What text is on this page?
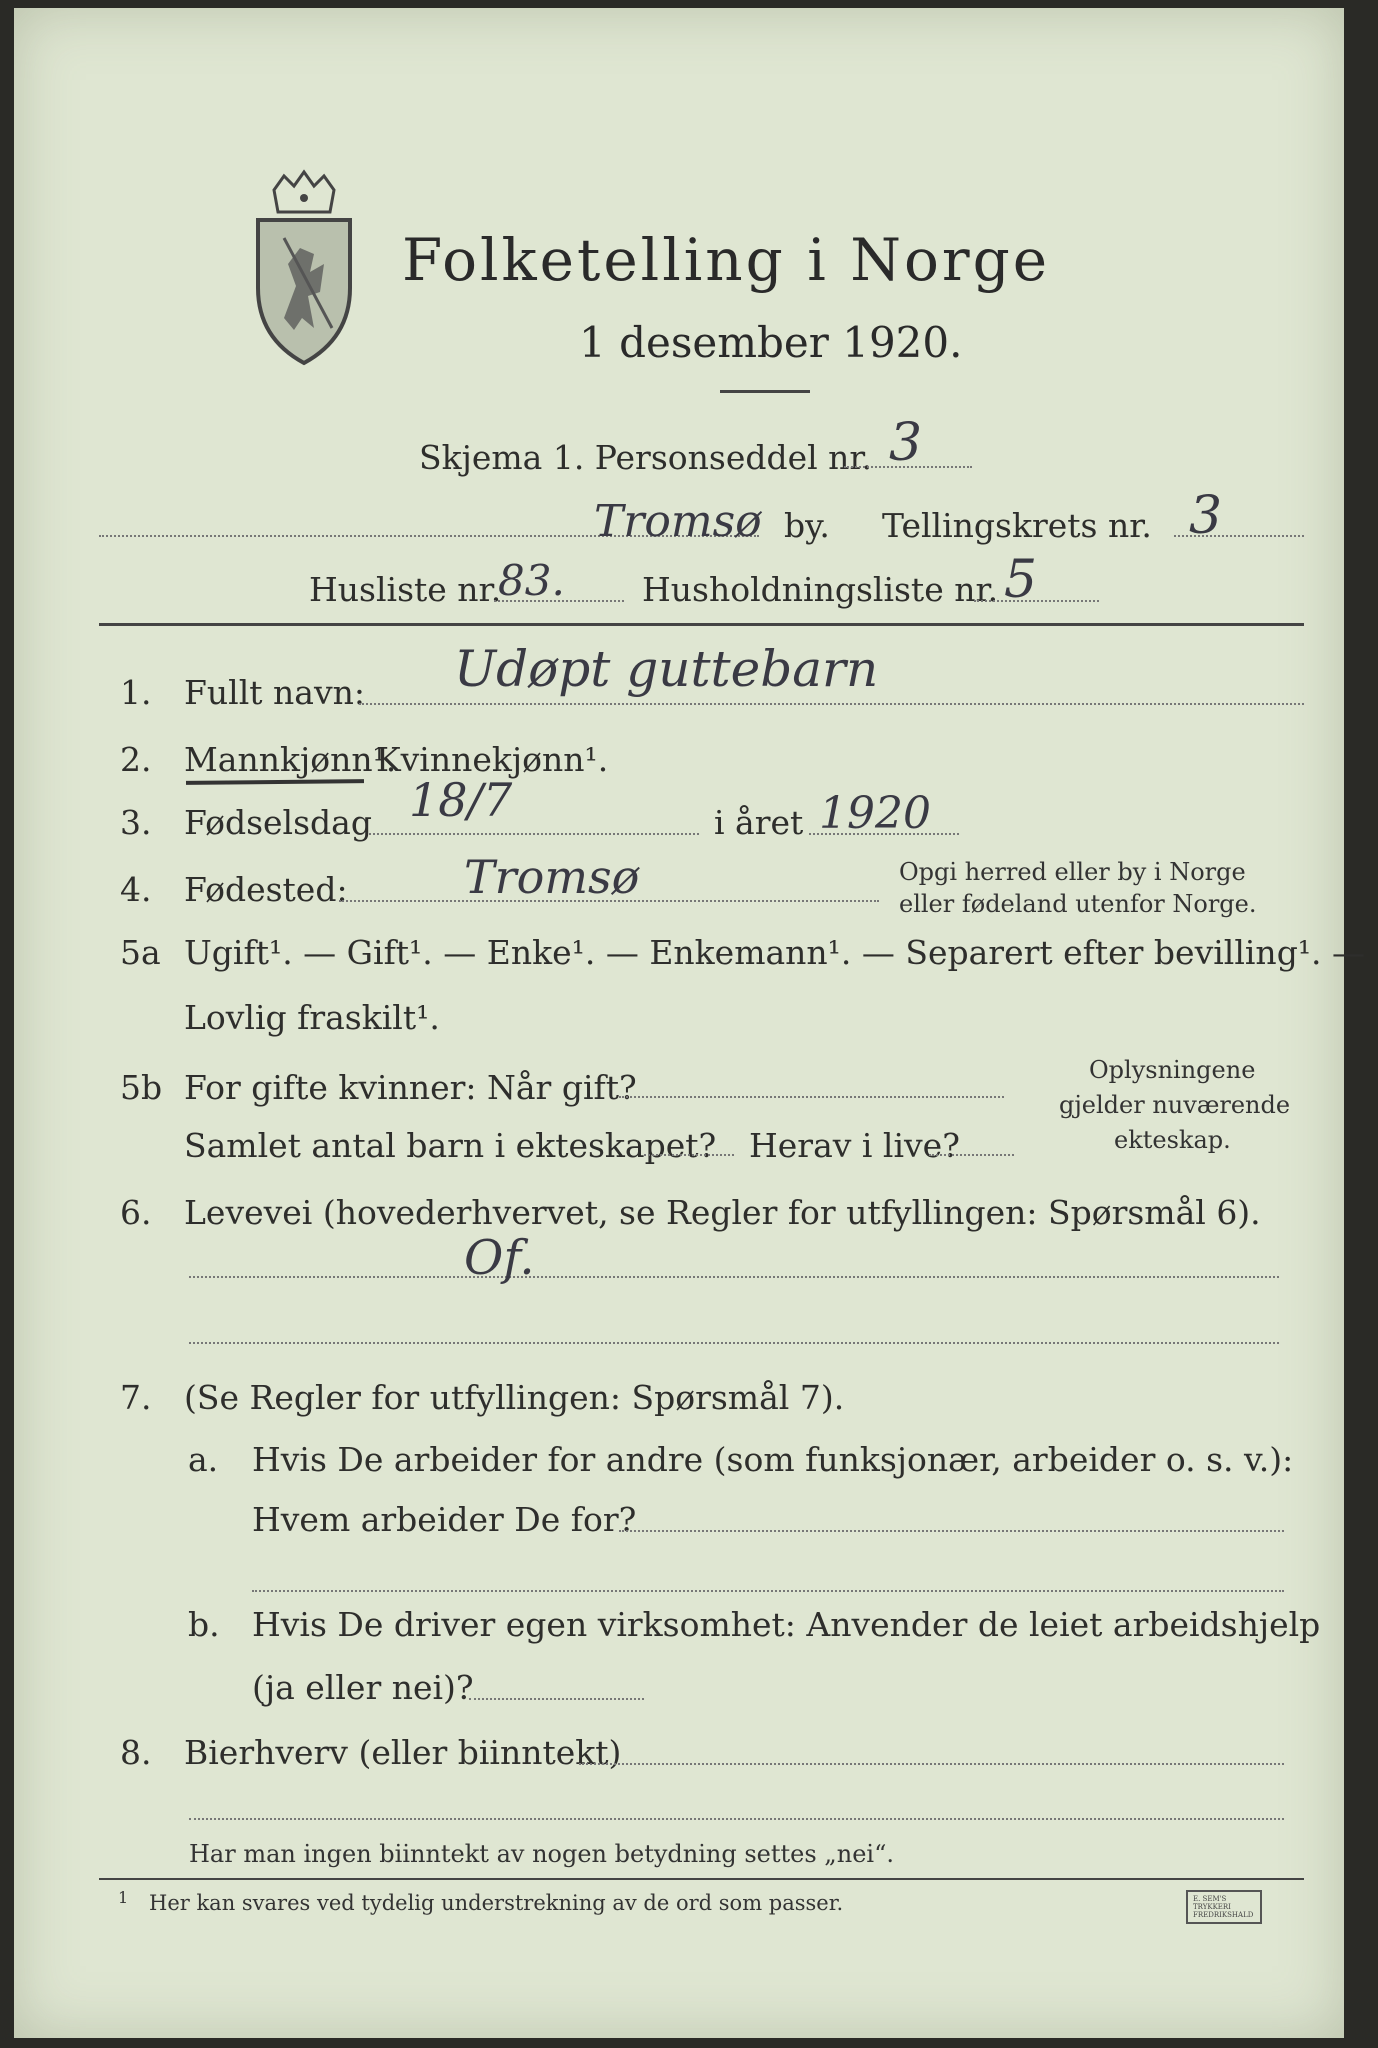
Folketelling i Norge
1 desember 1920.
Skjema 1. Personseddel nr. 3
Tromsø by. Tellingskrets nr. 3
Husliste nr.
83. Husholdningsliste nr. 5
1. Fullt navn: Udøpt guttebarn
2. Mannkjønn¹.
Kvinnekjønn¹.
3. Fødselsdag 18/7	i året 1920
4. Fødested:	Tromsø	Opgi herred eller by i Norge
eller fødeland utenfor Norge.
5a Ugift¹. — Gift¹. — Enke¹. — Enkemann¹. — Separert efter bevilling¹. —
Lovlig fraskilt¹.
5b For gifte kvinner: Når gift?
Samlet antal barn i ekteskapet? Herav i live?
Oplysningene
gjelder nuværende
ekteskap.
6. Levevei (hovederhvervet, se Regler for utfyllingen: Spørsmål 6).
Of.
7. (Se Regler for utfyllingen: Spørsmål 7).
a. Hvis De arbeider for andre (som funksjonær, arbeider o. s. v.):
Hvem arbeider De for?
b. Hvis De driver egen virksomhet: Anvender de leiet arbeidshjelp
(ja eller nei)?
8. Bierhverv (eller biinntekt)
Har man ingen biinntekt av nogen betydning settes „nei“.
1 Her kan svares ved tydelig understrekning av de ord som passer.	E. SEM'S TRYKKERI FREDRIKSHALD
